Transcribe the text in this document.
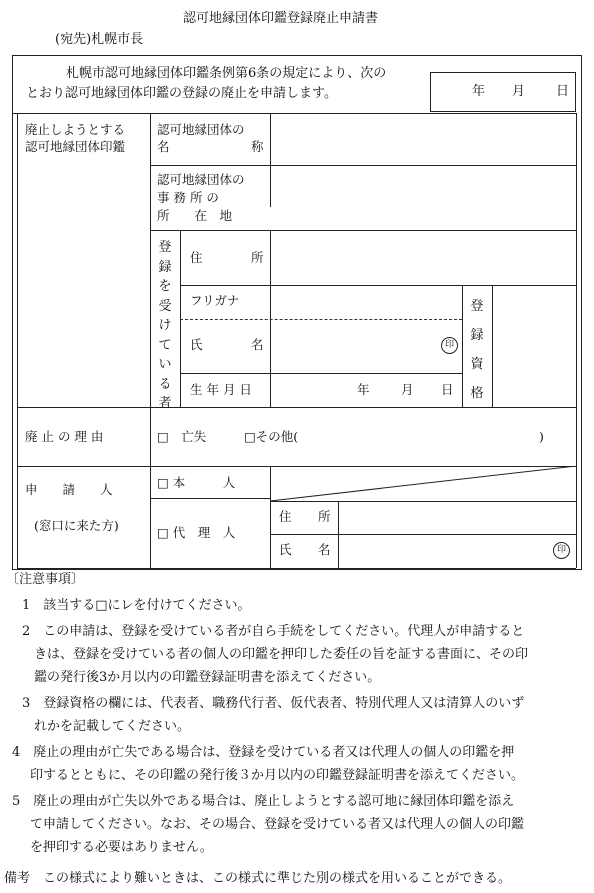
認可地縁団体印鑑登録廃止申請書
(宛先)札幌市長
札幌市認可地縁団体印鑑条例第6条の規定により、次の
とおり認可地縁団体印鑑の登録の廃止を申請します。	年 月 日
廃止しようとする
認可地縁団体印鑑
認可地縁団体の
名	称
認可地縁団体の
事 務 所 の
所　　在　地
登録を受けている者
住	所
フリガナ
氏	名	印
生 年 月 日	年	月 日
登録資格
廃 止 の 理 由	□　亡失	□その他(	)
申　　請　　人
(窓口に来た方)
□ 本　　　人
□ 代　理　人
住 所
氏 名	印
〔注意事項〕
1　該当する□にレを付けてください。
2　この申請は、登録を受けている者が自ら手続をしてください。代理人が申請すると
きは、登録を受けている者の個人の印鑑を押印した委任の旨を証する書面に、その印
鑑の発行後3か月以内の印鑑登録証明書を添えてください。
3　登録資格の欄には、代表者、職務代行者、仮代表者、特別代理人又は清算人のいず
れかを記載してください。
4　廃止の理由が亡失である場合は、登録を受けている者又は代理人の個人の印鑑を押
印するとともに、その印鑑の発行後３か月以内の印鑑登録証明書を添えてください。
5　廃止の理由が亡失以外である場合は、廃止しようとする認可地に縁団体印鑑を添え
て申請してください。なお、その場合、登録を受けている者又は代理人の個人の印鑑
を押印する必要はありません。
備考　この様式により難いときは、この様式に準じた別の様式を用いることができる。
